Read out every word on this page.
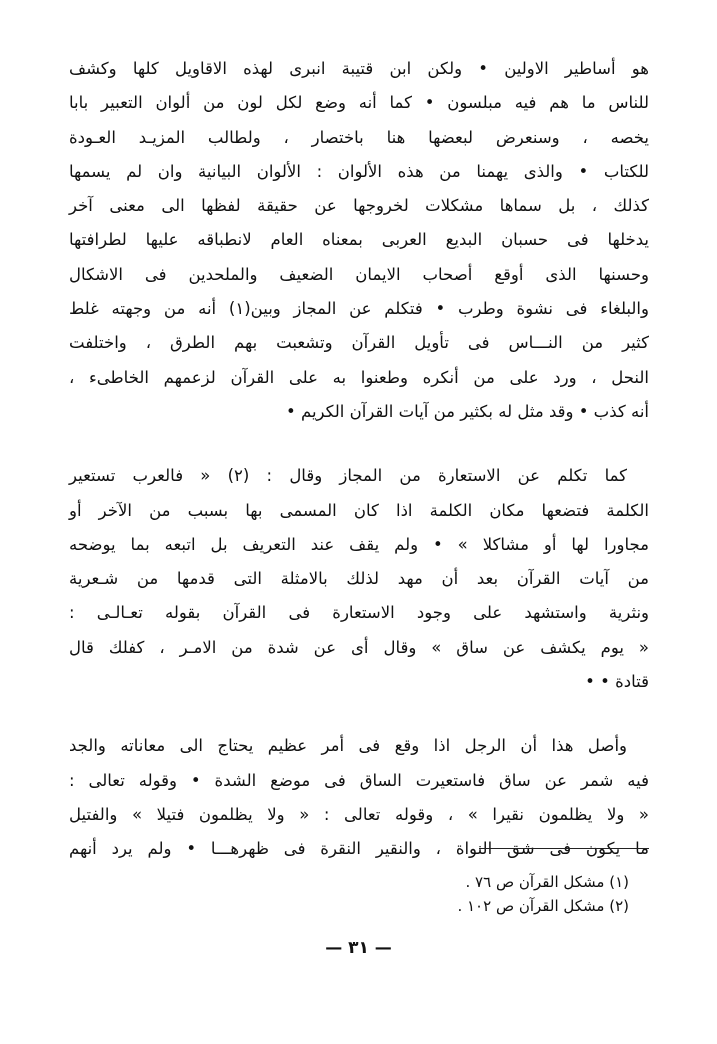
هو أساطير الاولين • ولكن ابن قتيبة انبرى لهذه الاقاويل كلها وكشف
للناس ما هم فيه مبلسون • كما أنه وضع لكل لون من ألوان التعبير بابا
يخصه ، وسنعرض لبعضها هنا باختصار ، ولطالب المزيـد العـودة
للكتاب • والذى يهمنا من هذه الألوان : الألوان البيانية وان لم يسمها
كذلك ، بل سماها مشكلات لخروجها عن حقيقة لفظها الى معنى آخر
يدخلها فى حسبان البديع العربى بمعناه العام لانطباقه عليها لطرافتها
وحسنها الذى أوقع أصحاب الايمان الضعيف والملحدين فى الاشكال
والبلغاء فى نشوة وطرب • فتكلم عن المجاز وبين(١) أنه من وجهته غلط
كثير من النـــاس فى تأويل القرآن وتشعبت بهم الطرق ، واختلفت
النحل ، ورد على من أنكره وطعنوا به على القرآن لزعمهم الخاطىء ،
أنه كذب • وقد مثل له بكثير من آيات القرآن الكريم •

كما تكلم عن الاستعارة من المجاز وقال : (٢) « فالعرب تستعير
الكلمة فتضعها مكان الكلمة اذا كان المسمى بها بسبب من الآخر أو
مجاورا لها أو مشاكلا » • ولم يقف عند التعريف بل اتبعه بما يوضحه
من آيات القرآن بعد أن مهد لذلك بالامثلة التى قدمها من شـعرية
ونثرية واستشهد على وجود الاستعارة فى القرآن بقوله تعـالـى :
« يوم يكشف عن ساق » وقال أى عن شدة من الامـر ، كفلك قال
قتادة • •

وأصل هذا أن الرجل اذا وقع فى أمر عظيم يحتاج الى معاناته والجد
فيه شمر عن ساق فاستعيرت الساق فى موضع الشدة • وقوله تعالى :
« ولا يظلمون نقيرا » ، وقوله تعالى : « ولا يظلمون فتيلا » والفتيل
ما يكون فى شق النواة ، والنقير النقرة فى ظهرهـــا • ولم يرد أنهم

(١) مشكل القرآن ص ٧٦ .
(٢) مشكل القرآن ص ١٠٢ .
— ٣١ —
